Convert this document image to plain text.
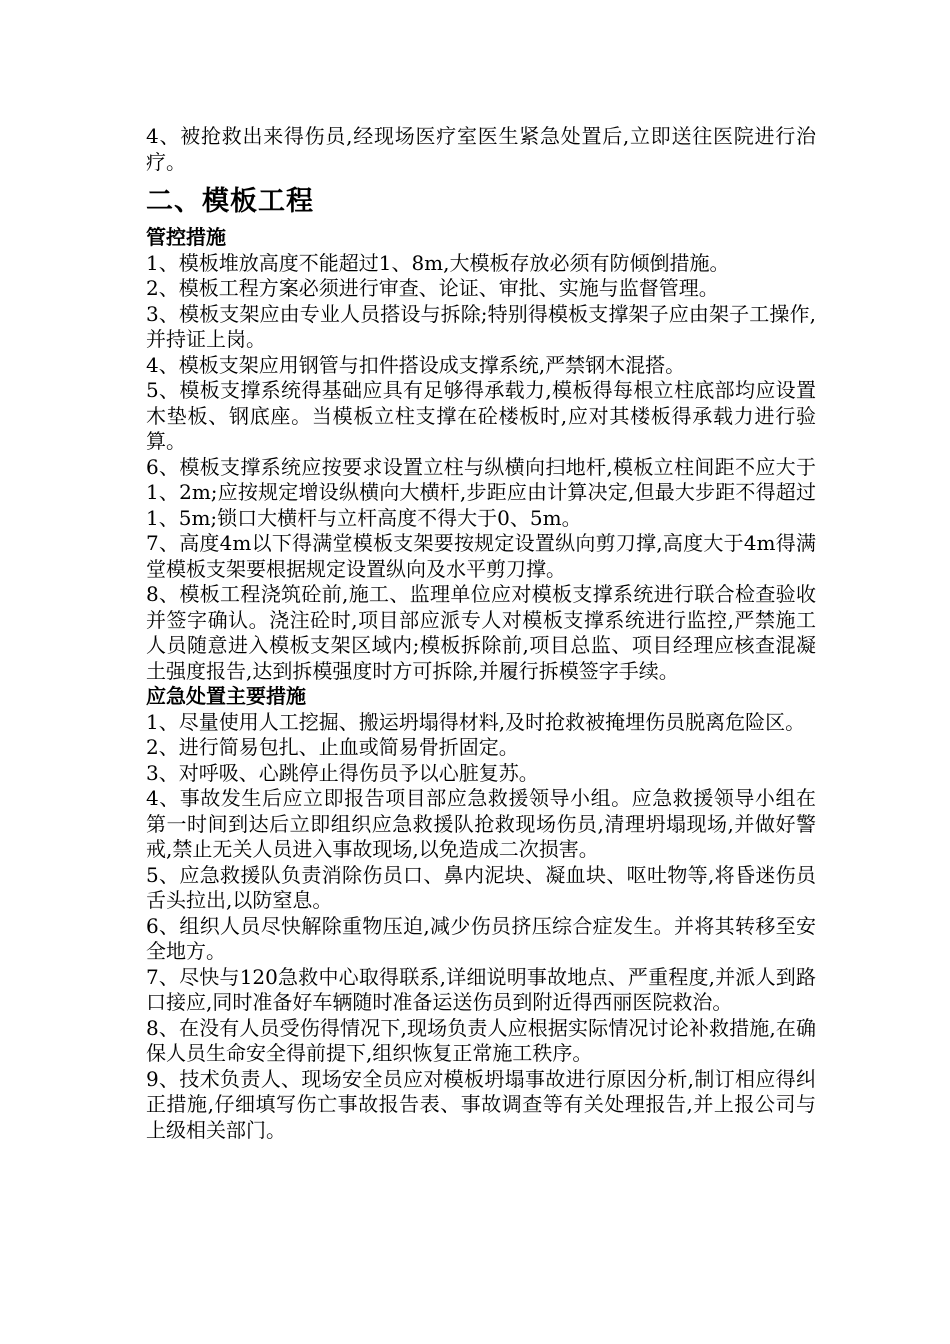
4、被抢救出来得伤员,经现场医疗室医生紧急处置后,立即送往医院进行治疗。

二、模板工程
管控措施

1、模板堆放高度不能超过1、8m,大模板存放必须有防倾倒措施。

2、模板工程方案必须进行审查、论证、审批、实施与监督管理。

3、模板支架应由专业人员搭设与拆除;特别得模板支撑架子应由架子工操作,并持证上岗。

4、模板支架应用钢管与扣件搭设成支撑系统,严禁钢木混搭。

5、模板支撑系统得基础应具有足够得承载力,模板得每根立柱底部均应设置木垫板、钢底座。当模板立柱支撑在砼楼板时,应对其楼板得承载力进行验算。

6、模板支撑系统应按要求设置立柱与纵横向扫地杆,模板立柱间距不应大于1、2m;应按规定增设纵横向大横杆,步距应由计算决定,但最大步距不得超过1、5m;锁口大横杆与立杆高度不得大于0、5m。

7、高度4m以下得满堂模板支架要按规定设置纵向剪刀撑,高度大于4m得满堂模板支架要根据规定设置纵向及水平剪刀撑。

8、模板工程浇筑砼前,施工、监理单位应对模板支撑系统进行联合检查验收并签字确认。浇注砼时,项目部应派专人对模板支撑系统进行监控,严禁施工人员随意进入模板支架区域内;模板拆除前,项目总监、项目经理应核查混凝土强度报告,达到拆模强度时方可拆除,并履行拆模签字手续。

应急处置主要措施

1、尽量使用人工挖掘、搬运坍塌得材料,及时抢救被掩埋伤员脱离危险区。

2、进行简易包扎、止血或简易骨折固定。

3、对呼吸、心跳停止得伤员予以心脏复苏。

4、事故发生后应立即报告项目部应急救援领导小组。应急救援领导小组在第一时间到达后立即组织应急救援队抢救现场伤员,清理坍塌现场,并做好警戒,禁止无关人员进入事故现场,以免造成二次损害。

5、应急救援队负责消除伤员口、鼻内泥块、凝血块、呕吐物等,将昏迷伤员舌头拉出,以防窒息。

6、组织人员尽快解除重物压迫,减少伤员挤压综合症发生。并将其转移至安全地方。

7、尽快与120急救中心取得联系,详细说明事故地点、严重程度,并派人到路口接应,同时准备好车辆随时准备运送伤员到附近得西丽医院救治。

8、在没有人员受伤得情况下,现场负责人应根据实际情况讨论补救措施,在确保人员生命安全得前提下,组织恢复正常施工秩序。

9、技术负责人、现场安全员应对模板坍塌事故进行原因分析,制订相应得纠正措施,仔细填写伤亡事故报告表、事故调查等有关处理报告,并上报公司与上级相关部门。
